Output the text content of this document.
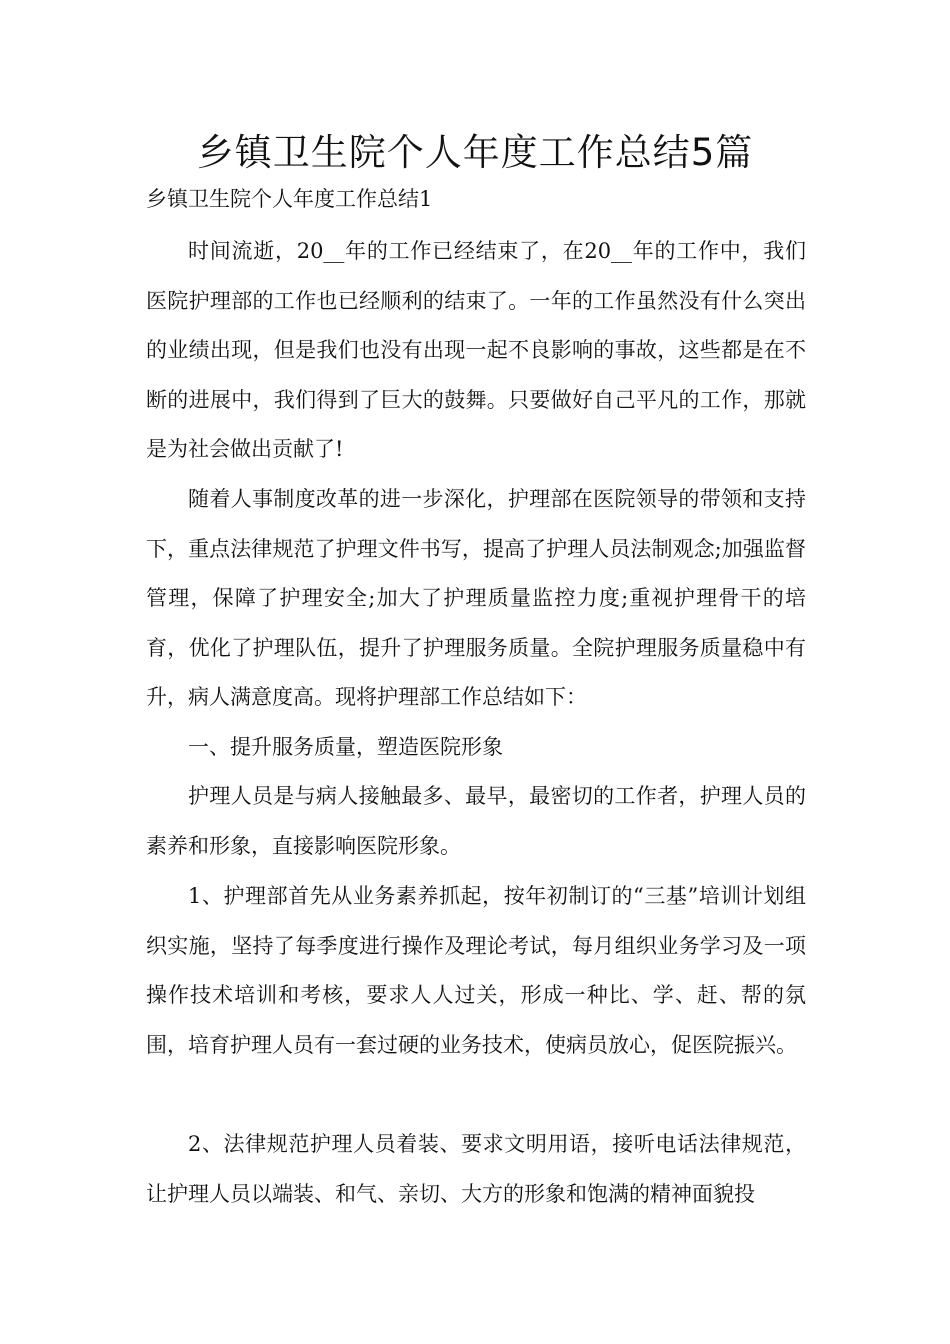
乡镇卫生院个人年度工作总结5篇

乡镇卫生院个人年度工作总结1

时间流逝，20__年的工作已经结束了，在20__年的工作中，我们医院护理部的工作也已经顺利的结束了。一年的工作虽然没有什么突出的业绩出现，但是我们也没有出现一起不良影响的事故，这些都是在不断的进展中，我们得到了巨大的鼓舞。只要做好自己平凡的工作，那就是为社会做出贡献了!

随着人事制度改革的进一步深化，护理部在医院领导的带领和支持下，重点法律规范了护理文件书写，提高了护理人员法制观念;加强监督管理，保障了护理安全;加大了护理质量监控力度;重视护理骨干的培育，优化了护理队伍，提升了护理服务质量。全院护理服务质量稳中有升，病人满意度高。现将护理部工作总结如下：

一、提升服务质量，塑造医院形象

护理人员是与病人接触最多、最早，最密切的工作者，护理人员的素养和形象，直接影响医院形象。

1、护理部首先从业务素养抓起，按年初制订的“三基”培训计划组织实施，坚持了每季度进行操作及理论考试，每月组织业务学习及一项操作技术培训和考核，要求人人过关，形成一种比、学、赶、帮的氛围，培育护理人员有一套过硬的业务技术，使病员放心，促医院振兴。

2、法律规范护理人员着装、要求文明用语，接听电话法律规范，让护理人员以端装、和气、亲切、大方的形象和饱满的精神面貌投
